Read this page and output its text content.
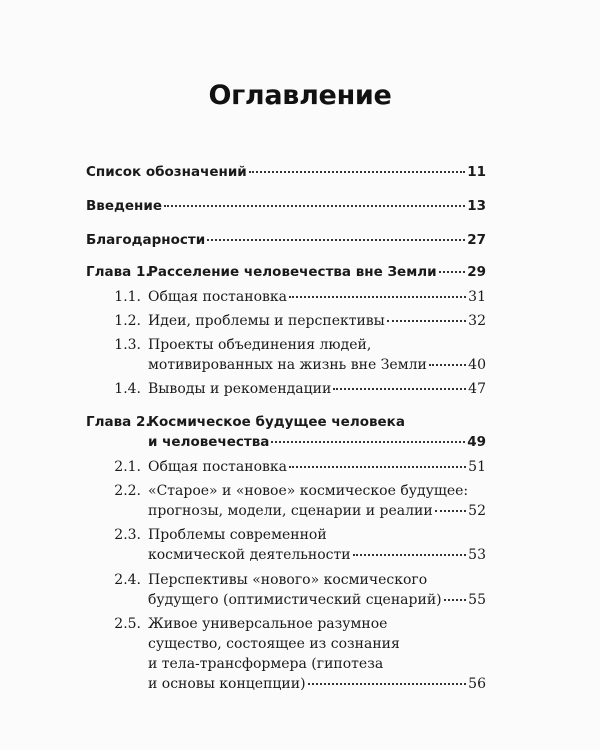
Оглавление
Список обозначений	11
Введение	13
Благодарности	27
Глава 1.
Расселение человечества вне Земли 29
1.1. Общая постановка	31
1.2. Идеи, проблемы и перспективы	32
1.3. Проекты объединения людей,
мотивированных на жизнь вне Земли	40
1.4. Выводы и рекомендации	47
Глава 2.
Космическое будущее человека
и человечества	49
2.1. Общая постановка	51
2.2. «Старое» и «новое» космическое будущее:
прогнозы, модели, сценарии и реалии	52
2.3. Проблемы современной
космической деятельности	53
2.4. Перспективы «нового» космического
будущего (оптимистический сценарий) 55
2.5. Живое универсальное разумное
существо, состоящее из сознания
и тела-трансформера (гипотеза
и основы концепции)	56
